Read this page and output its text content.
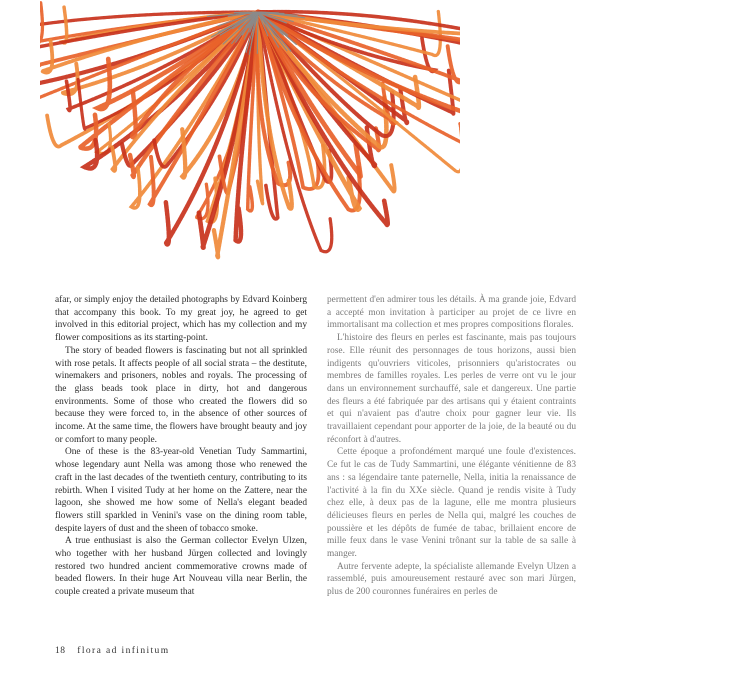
afar, or simply enjoy the detailed photographs by Edvard Koinberg that accompany this book. To my great joy, he agreed to get involved in this editorial project, which has my collection and my flower compositions as its starting-point.

The story of beaded flowers is fascinating but not all sprinkled with rose petals. It affects people of all social strata – the destitute, winemakers and prisoners, nobles and royals. The processing of the glass beads took place in dirty, hot and dangerous environments. Some of those who created the flowers did so because they were forced to, in the absence of other sources of income. At the same time, the flowers have brought beauty and joy or comfort to many people.

One of these is the 83-year-old Venetian Tudy Sammartini, whose legendary aunt Nella was among those who renewed the craft in the last decades of the twentieth century, contributing to its rebirth. When I visited Tudy at her home on the Zattere, near the lagoon, she showed me how some of Nella's elegant beaded flowers still sparkled in Venini's vase on the dining room table, despite layers of dust and the sheen of tobacco smoke.

A true enthusiast is also the German collector Evelyn Ulzen, who together with her husband Jürgen collected and lovingly restored two hundred ancient commemorative crowns made of beaded flowers. In their huge Art Nouveau villa near Berlin, the couple created a private museum that

permettent d'en admirer tous les détails. À ma grande joie, Edvard a accepté mon invitation à participer au projet de ce livre en immortalisant ma collection et mes propres compositions florales.

L'histoire des fleurs en perles est fascinante, mais pas toujours rose. Elle réunit des personnages de tous horizons, aussi bien indigents qu'ouvriers viticoles, prisonniers qu'aristocrates ou membres de familles royales. Les perles de verre ont vu le jour dans un environnement surchauffé, sale et dangereux. Une partie des fleurs a été fabriquée par des artisans qui y étaient contraints et qui n'avaient pas d'autre choix pour gagner leur vie. Ils travaillaient cependant pour apporter de la joie, de la beauté ou du réconfort à d'autres.

Cette époque a profondément marqué une foule d'existences. Ce fut le cas de Tudy Sammartini, une élégante vénitienne de 83 ans : sa légendaire tante paternelle, Nella, initia la renaissance de l'activité à la fin du XXe siècle. Quand je rendis visite à Tudy chez elle, à deux pas de la lagune, elle me montra plusieurs délicieuses fleurs en perles de Nella qui, malgré les couches de poussière et les dépôts de fumée de tabac, brillaient encore de mille feux dans le vase Venini trônant sur la table de sa salle à manger.

Autre fervente adepte, la spécialiste allemande Evelyn Ulzen a rassemblé, puis amoureusement restauré avec son mari Jürgen, plus de 200 couronnes funéraires en perles de

18 flora ad infinitum
